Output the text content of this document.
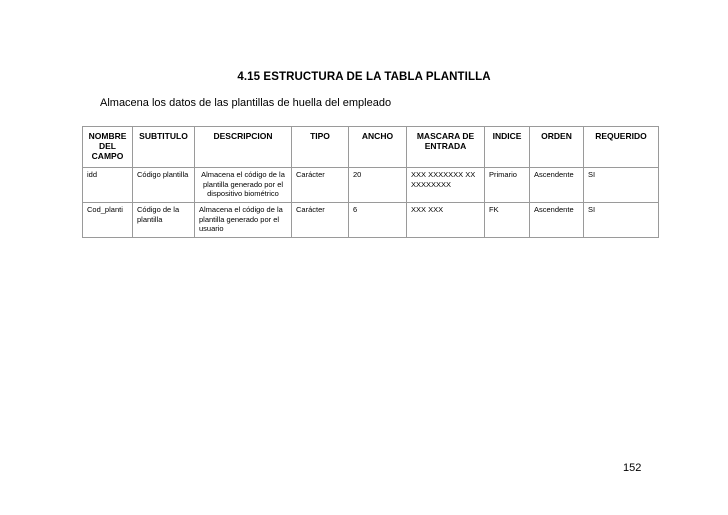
4.15 ESTRUCTURA DE LA TABLA PLANTILLA
Almacena los datos de las plantillas de huella del empleado
NOMBRE DEL CAMPO	SUBTITULO	DESCRIPCION	TIPO	ANCHO	MASCARA DE ENTRADA	INDICE	ORDEN	REQUERIDO
idd	Código plantilla	Almacena el código de la plantilla generado por el dispositivo biométrico	Carácter	20	XXX XXXXXXX XX XXXXXXXX	Primario	Ascendente	SI
Cod_planti	Código de la plantilla	Almacena el código de la plantilla generado por el usuario	Carácter	6	XXX XXX	FK	Ascendente	SI
152
